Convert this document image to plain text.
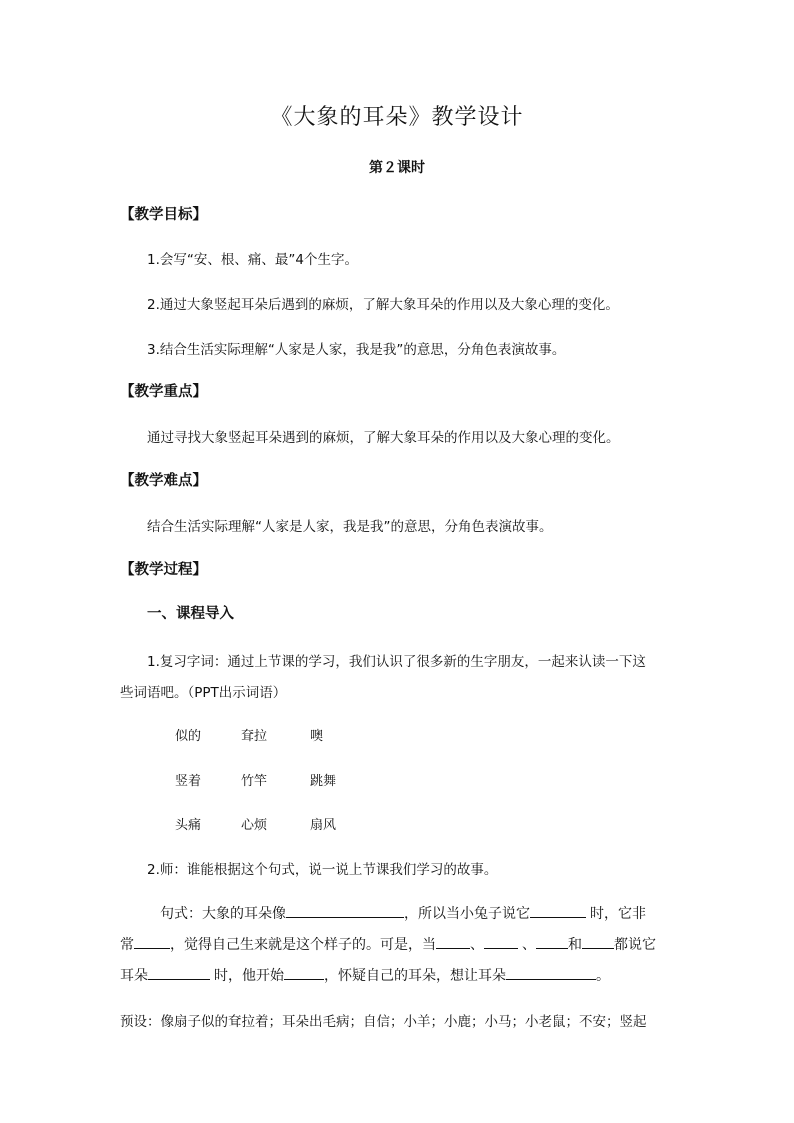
《大象的耳朵》教学设计
第２课时
【教学目标】
1.会写“安、根、痛、最”4个生字。
2.通过大象竖起耳朵后遇到的麻烦，了解大象耳朵的作用以及大象心理的变化。
3.结合生活实际理解“人家是人家，我是我”的意思，分角色表演故事。
【教学重点】
通过寻找大象竖起耳朵遇到的麻烦，了解大象耳朵的作用以及大象心理的变化。
【教学难点】
结合生活实际理解“人家是人家，我是我”的意思，分角色表演故事。
【教学过程】
一、课程导入
1.复习字词：通过上节课的学习，我们认识了很多新的生字朋友，一起来认读一下这
些词语吧。（PPT出示词语）
似的	耷拉	噢
竖着	竹竿	跳舞
头痛	心烦	扇风
2.师：谁能根据这个句式，说一说上节课我们学习的故事。
句式：大象的耳朵像	，所以当小兔子说它	时，它非
常	，觉得自己生来就是这个样子的。可是，当 、	、 和 都说它
耳朵	时，他开始	，怀疑自己的耳朵，想让耳朵	。
预设：像扇子似的耷拉着；耳朵出毛病；自信；小羊；小鹿；小马；小老鼠；不安；竖起
